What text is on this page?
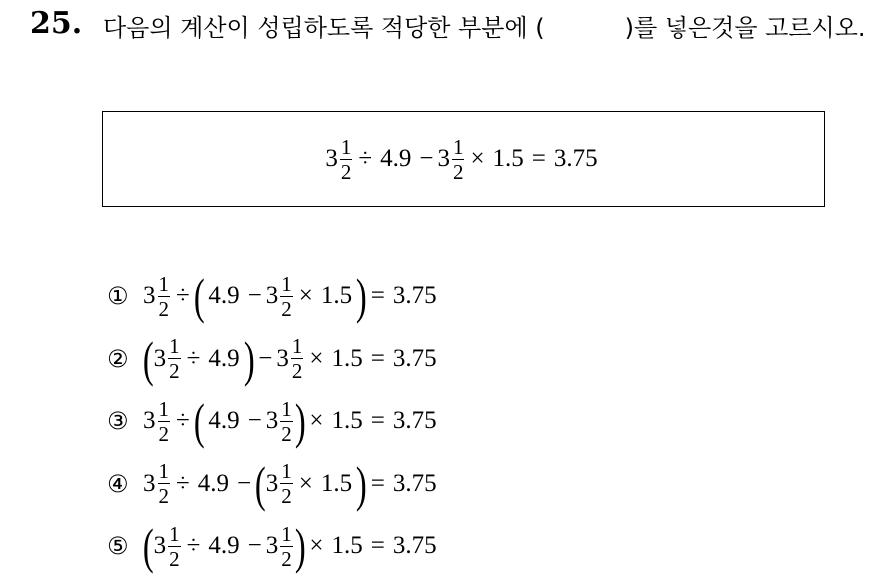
25. 다음의 계산이 성립하도록 적당한 부분에 (	)를 넣은것을 고르시오.
$3 \frac{1}{2} \div 4.9 - 3 \frac{1}{2} \times 1.5 = 3.75$
① $3 \frac{1}{2}$ ÷ ( $4.9 - 3 \frac{1}{2} \times 1.5$ ) = 3.75
② ( $3 \frac{1}{2} \div 4.9$ ) − $3 \frac{1}{2} \times 1.5 = 3.75$
③ $3 \frac{1}{2}$ ÷ ( $4.9 - 3 \frac{1}{2}$ ) × 1.5 = 3.75
④ $3 \frac{1}{2} \div 4.9$ − ( $3 \frac{1}{2} \times 1.5$ ) = 3.75
⑤ ( $3 \frac{1}{2} \div 4.9 - 3 \frac{1}{2}$ ) × 1.5 = 3.75
